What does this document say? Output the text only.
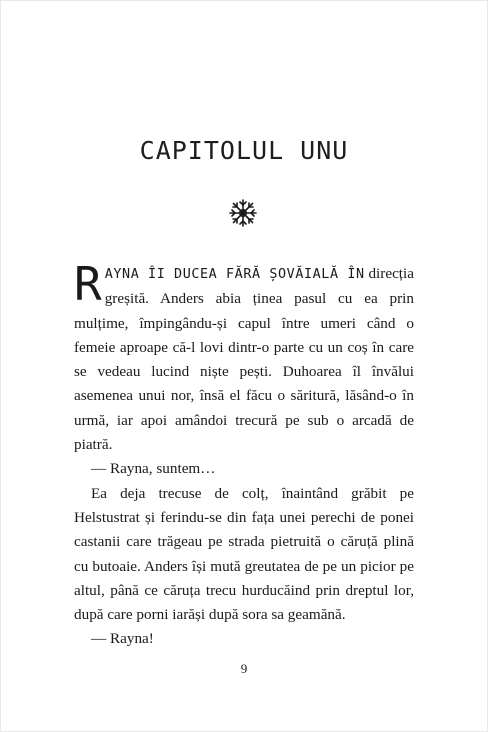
CAPITOLUL UNU

RAYNA ÎI DUCEA FĂRĂ ȘOVĂIALĂ ÎN direcția greșită. Anders abia ținea pasul cu ea prin mulțime, împingându-și capul între umeri când o femeie aproape că-l lovi dintr-o parte cu un coș în care se vedeau lucind niște pești. Duhoarea îl învălui asemenea unui nor, însă el făcu o săritură, lăsând-o în urmă, iar apoi amândoi trecură pe sub o arcadă de piatră.

— Rayna, suntem…

Ea deja trecuse de colț, înaintând grăbit pe Helstustrat și ferindu-se din fața unei perechi de ponei castanii care trăgeau pe strada pietruită o căruță plină cu butoaie. Anders își mută greutatea de pe un picior pe altul, până ce căruța trecu hurducăind prin dreptul lor, după care porni iarăși după sora sa geamănă.

— Rayna!

9
